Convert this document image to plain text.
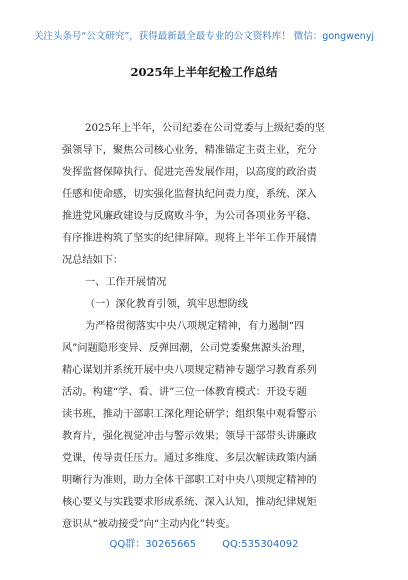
关注头条号“公文研究”，获得最新最全最专业的公文资料库！ 微信：gongwenyj
2025年上半年纪检工作总结
2025年上半年，公司纪委在公司党委与上级纪委的坚
强领导下，聚焦公司核心业务，精准锚定主责主业，充分
发挥监督保障执行、促进完善发展作用，以高度的政治责
任感和使命感，切实强化监督执纪问责力度，系统、深入
推进党风廉政建设与反腐败斗争，为公司各项业务平稳、
有序推进构筑了坚实的纪律屏障。现将上半年工作开展情
况总结如下：
一、工作开展情况
（一）深化教育引领，筑牢思想防线
为严格贯彻落实中央八项规定精神，有力遏制“四
风”问题隐形变异、反弹回潮，公司党委聚焦源头治理，
精心谋划并系统开展中央八项规定精神专题学习教育系列
活动。构建“学、看、讲”三位一体教育模式：开设专题
读书班，推动干部职工深化理论研学；组织集中观看警示
教育片，强化视觉冲击与警示效果；领导干部带头讲廉政
党课，传导责任压力。通过多维度、多层次解读政策内涵
明晰行为准则，助力全体干部职工对中央八项规定精神的
核心要义与实践要求形成系统、深入认知，推动纪律规矩
意识从“被动接受”向“主动内化”转变。
QQ群：30265665	QQ:535304092
